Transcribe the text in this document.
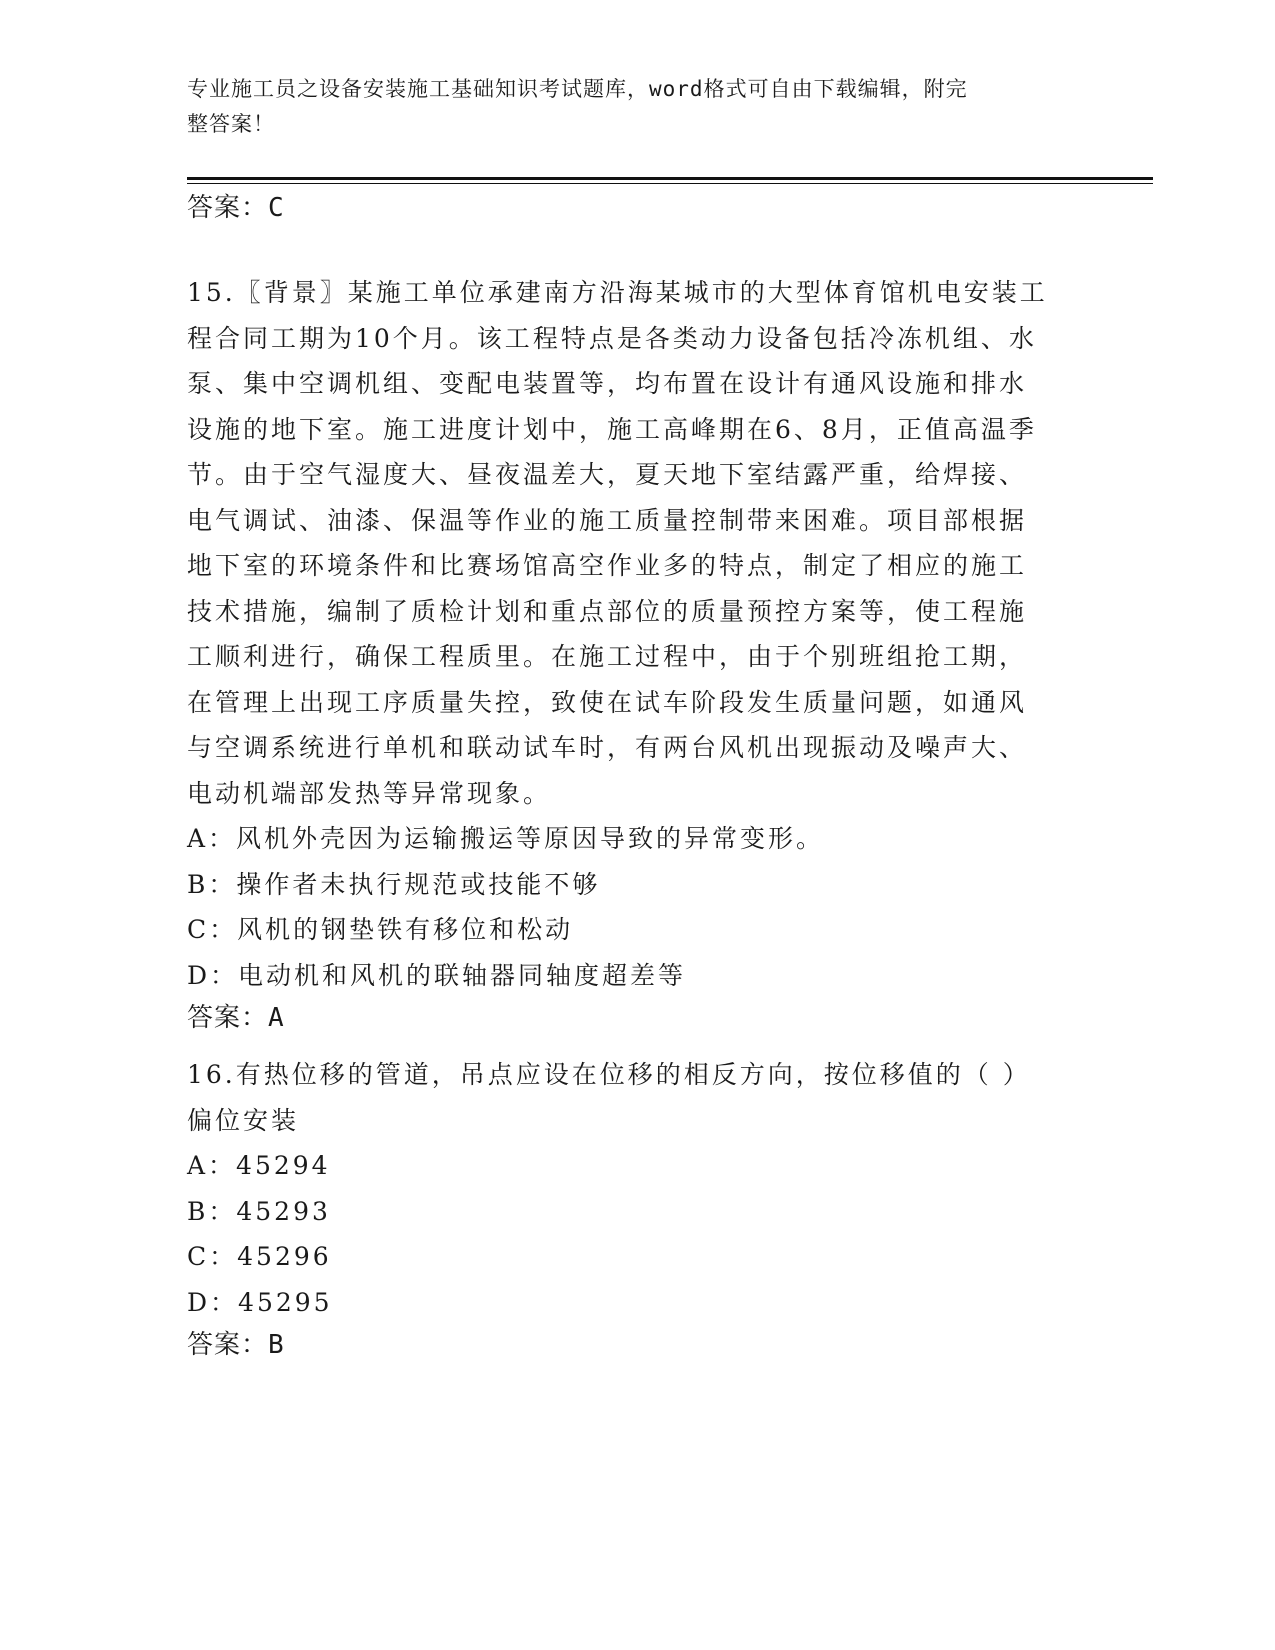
专业施工员之设备安装施工基础知识考试题库，word格式可自由下载编辑，附完
整答案！
答案：C

15.〖背景〗某施工单位承建南方沿海某城市的大型体育馆机电安装工

程合同工期为10个月。该工程特点是各类动力设备包括冷冻机组、水

泵、集中空调机组、变配电装置等，均布置在设计有通风设施和排水

设施的地下室。施工进度计划中，施工高峰期在6、8月，正值高温季

节。由于空气湿度大、昼夜温差大，夏天地下室结露严重，给焊接、

电气调试、油漆、保温等作业的施工质量控制带来困难。项目部根据

地下室的环境条件和比赛场馆高空作业多的特点，制定了相应的施工

技术措施，编制了质检计划和重点部位的质量预控方案等，使工程施

工顺利进行，确保工程质里。在施工过程中，由于个别班组抢工期，

在管理上出现工序质量失控，致使在试车阶段发生质量问题，如通风

与空调系统进行单机和联动试车时，有两台风机出现振动及噪声大、

电动机端部发热等异常现象。

A：风机外壳因为运输搬运等原因导致的异常变形。

B：操作者未执行规范或技能不够

C：风机的钢垫铁有移位和松动

D：电动机和风机的联轴器同轴度超差等

答案：A

16.有热位移的管道，吊点应设在位移的相反方向，按位移值的（ ）

偏位安装

A：45294

B：45293

C：45296

D：45295

答案：B
